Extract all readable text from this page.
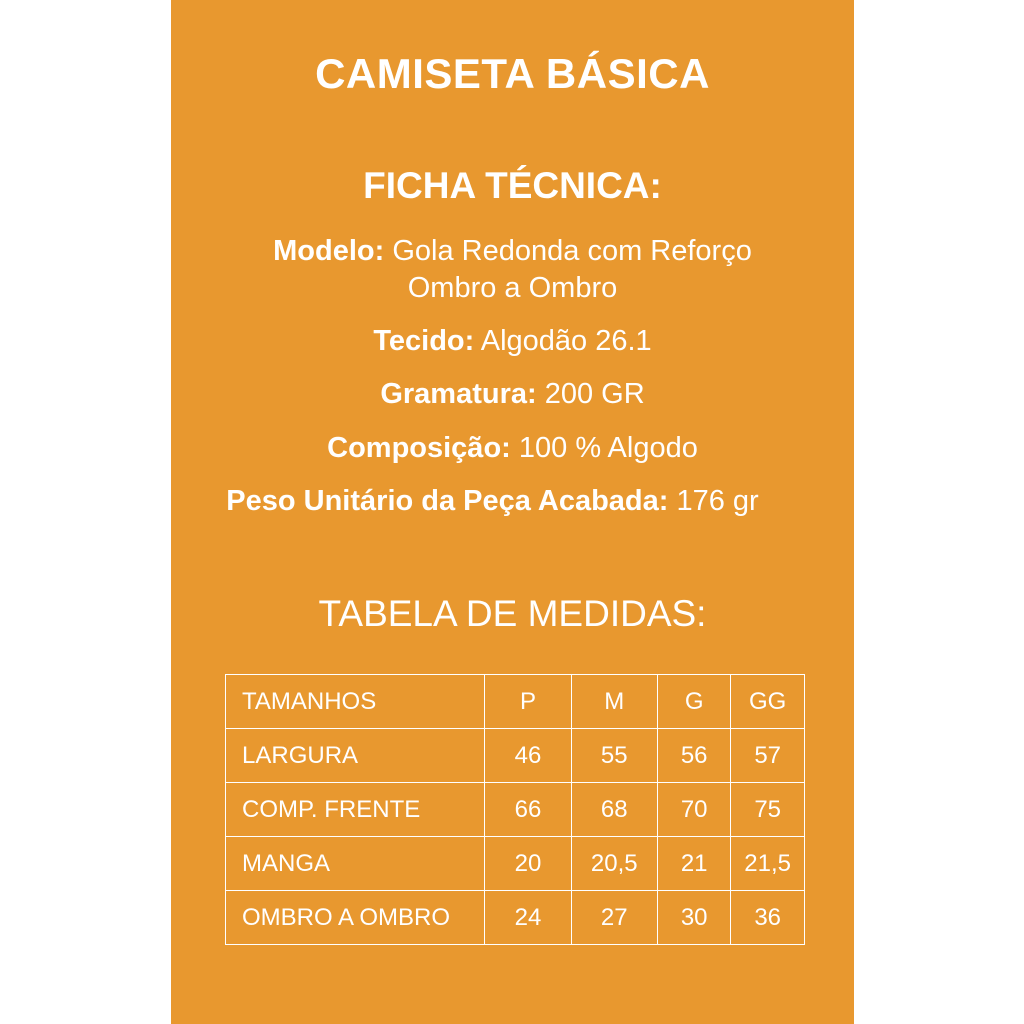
CAMISETA BÁSICA
FICHA TÉCNICA:
Modelo: Gola Redonda com Reforço
Ombro a Ombro
Tecido: Algodão 26.1
Gramatura: 200 GR
Composição: 100 % Algodo
Peso Unitário da Peça Acabada: 176 gr
TABELA DE MEDIDAS:
TAMANHOS	P	M	G	GG
LARGURA	46	55	56	57
COMP. FRENTE	66	68	70	75
MANGA	20	20,5	21	21,5
OMBRO A OMBRO	24	27	30	36
